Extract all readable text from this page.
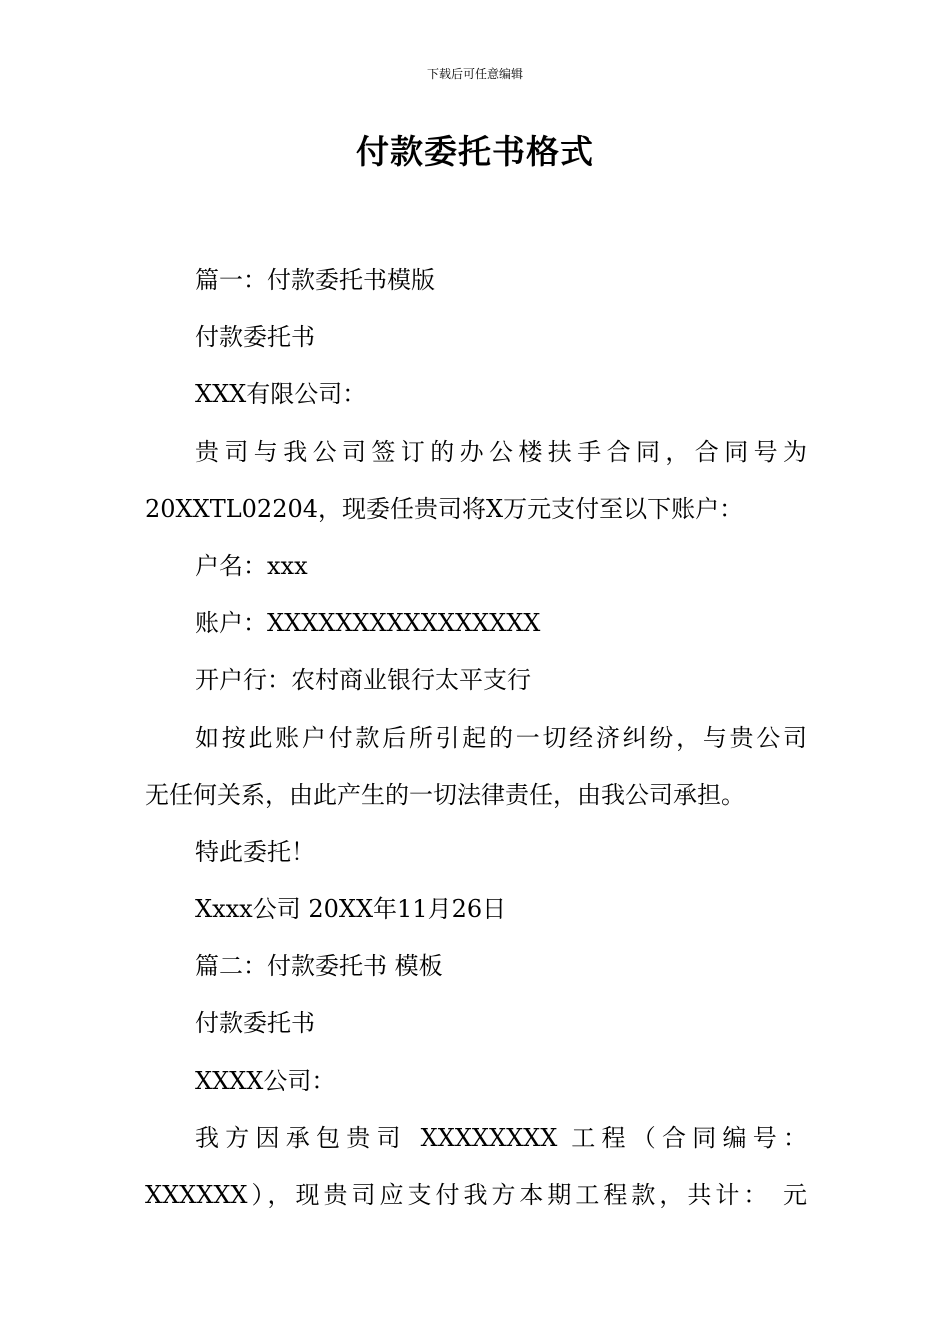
下载后可任意编辑
付款委托书格式
篇一：付款委托书模版
付款委托书
XXX有限公司：
贵司与我公司签订的办公楼扶手合同，合同号为
20XXTL02204，现委任贵司将X万元支付至以下账户：
户名：xxx
账户：XXXXXXXXXXXXXXXX
开户行：农村商业银行太平支行
如按此账户付款后所引起的一切经济纠纷，与贵公司
无任何关系，由此产生的一切法律责任，由我公司承担。
特此委托！
Xxxx公司 20XX年11月26日
篇二：付款委托书 模板
付款委托书
XXXX公司：
我方因承包贵司 XXXXXXXX 工程（合同编号：
XXXXXX），现贵司应支付我方本期工程款，共计： 元
